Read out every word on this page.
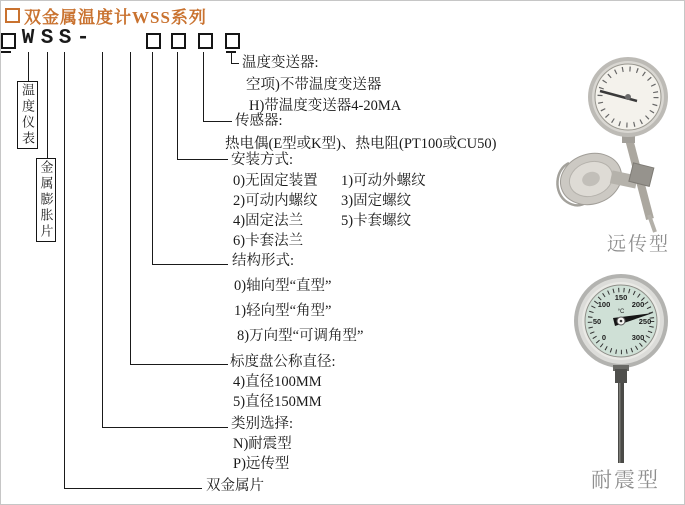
双金属温度计WSS系列
W S S -
温度仪表
金属膨胀片
温度变送器:
空项)不带温度变送器
H)带温度变送器4-20MA
传感器:
热电偶(E型或K型)、热电阻(PT100或CU50)
安装方式:
0)无固定装置 1)可动外螺纹
2)可动内螺纹 3)固定螺纹
4)固定法兰	5)卡套螺纹
6)卡套法兰
结构形式:
0)轴向型“直型”
1)轻向型“角型”
8)万向型“可调角型”
标度盘公称直径:
4)直径100MM
5)直径150MM
类别选择:
N)耐震型
P)远传型
双金属片
远传型
0
50
100
150
200
250
300
°C
耐震型
